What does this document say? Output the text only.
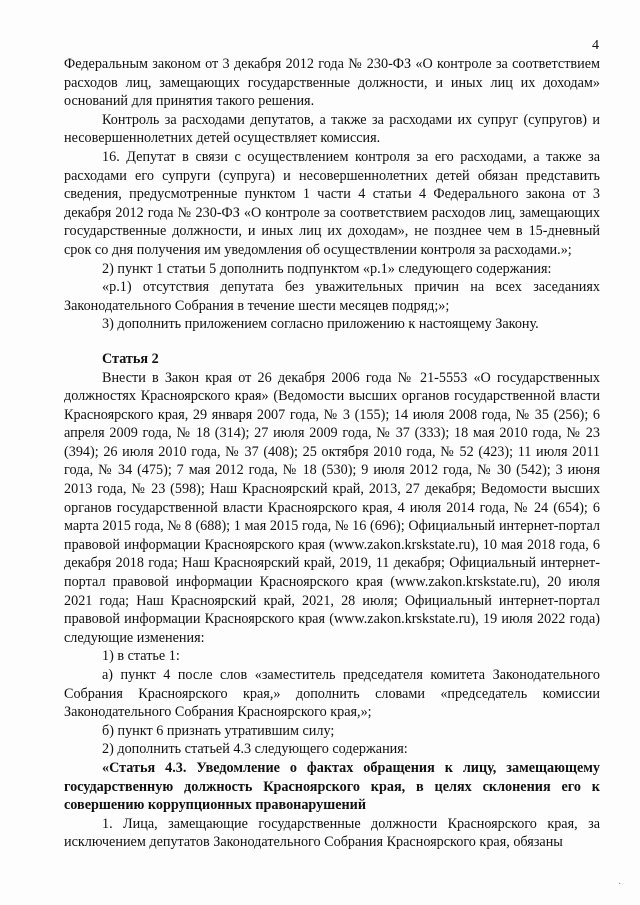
4

Федеральным законом от 3 декабря 2012 года № 230-ФЗ «О контроле за соответствием расходов лиц, замещающих государственные должности, и иных лиц их доходам» оснований для принятия такого решения.

Контроль за расходами депутатов, а также за расходами их супруг (супругов) и несовершеннолетних детей осуществляет комиссия.

16. Депутат в связи с осуществлением контроля за его расходами, а также за расходами его супруги (супруга) и несовершеннолетних детей обязан представить сведения, предусмотренные пунктом 1 части 4 статьи 4 Федерального закона от 3 декабря 2012 года № 230-ФЗ «О контроле за соответствием расходов лиц, замещающих государственные должности, и иных лиц их доходам», не позднее чем в 15-дневный срок со дня получения им уведомления об осуществлении контроля за расходами.»;

2) пункт 1 статьи 5 дополнить подпунктом «р.1» следующего содержания:

«р.1) отсутствия депутата без уважительных причин на всех заседаниях Законодательного Собрания в течение шести месяцев подряд;»;

3) дополнить приложением согласно приложению к настоящему Закону.

Статья 2

Внести в Закон края от 26 декабря 2006 года № 21-5553 «О государственных должностях Красноярского края» (Ведомости высших органов государственной власти Красноярского края, 29 января 2007 года, № 3 (155); 14 июля 2008 года, № 35 (256); 6 апреля 2009 года, № 18 (314); 27 июля 2009 года, № 37 (333); 18 мая 2010 года, № 23 (394); 26 июля 2010 года, № 37 (408); 25 октября 2010 года, № 52 (423); 11 июля 2011 года, № 34 (475); 7 мая 2012 года, № 18 (530); 9 июля 2012 года, № 30 (542); 3 июня 2013 года, № 23 (598); Наш Красноярский край, 2013, 27 декабря; Ведомости высших органов государственной власти Красноярского края, 4 июля 2014 года, № 24 (654); 6 марта 2015 года, № 8 (688); 1 мая 2015 года, № 16 (696); Официальный интернет-портал правовой информации Красноярского края (www.zakon.krskstate.ru), 10 мая 2018 года, 6 декабря 2018 года; Наш Красноярский край, 2019, 11 декабря; Официальный интернет-портал правовой информации Красноярского края (www.zakon.krskstate.ru), 20 июля 2021 года; Наш Красноярский край, 2021, 28 июля; Официальный интернет-портал правовой информации Красноярского края (www.zakon.krskstate.ru), 19 июля 2022 года) следующие изменения:

1) в статье 1:

а) пункт 4 после слов «заместитель председателя комитета Законодательного Собрания Красноярского края,» дополнить словами «председатель комиссии Законодательного Собрания Красноярского края,»;

б) пункт 6 признать утратившим силу;

2) дополнить статьей 4.3 следующего содержания:

«Статья 4.3. Уведомление о фактах обращения к лицу, замещающему государственную должность Красноярского края, в целях склонения его к совершению коррупционных правонарушений

1. Лица, замещающие государственные должности Красноярского края, за исключением депутатов Законодательного Собрания Красноярского края, обязаны

·
